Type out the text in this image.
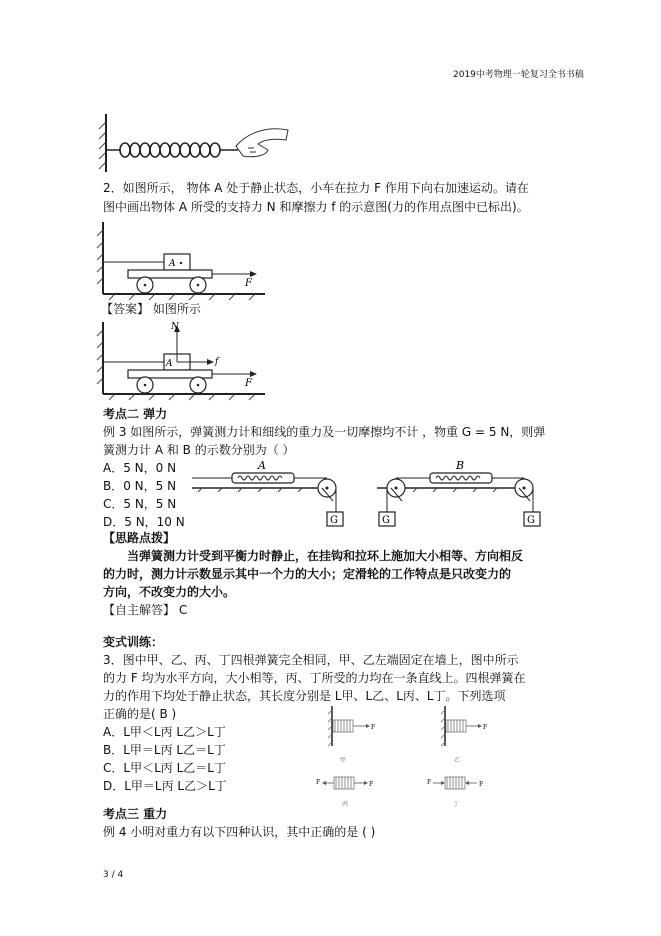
2019中考物理一轮复习全书书稿
2．如图所示， 物体 A 处于静止状态，小车在拉力 F 作用下向右加速运动。请在
图中画出物体 A 所受的支持力 N 和摩擦力 f 的示意图(力的作用点图中已标出)。
A
F
【答案】 如图所示
A
N
f
F
考点二 弹力
例 3 如图所示，弹簧测力计和细线的重力及一切摩擦均不计 ，物重 G = 5 N，则弹
簧测力计 A 和 B 的示数分别为（ ）
A．5 N，0 N
B．0 N，5 N
C．5 N，5 N
D．5 N，10 N
A
G	G
B
G
【思路点拨】
当弹簧测力计受到平衡力时静止，在挂钩和拉环上施加大小相等、方向相反
的力时，测力计示数显示其中一个力的大小；定滑轮的工作特点是只改变力的
方向，不改变力的大小。
【自主解答】 C
变式训练：
3．图中甲、乙、丙、丁四根弹簧完全相同，甲、乙左端固定在墙上，图中所示
的力 F 均为水平方向，大小相等，丙、丁所受的力均在一条直线上。四根弹簧在
力的作用下均处于静止状态，其长度分别是 L甲、L乙、L丙、L丁。下列选项
正确的是( B )
A．L甲＜L丙 L乙＞L丁
B．L甲＝L丙 L乙＝L丁
C．L甲＜L丙 L乙＝L丁
D．L甲＝L丙 L乙＞L丁
F
甲
F
乙
F	F
丙
F	F
丁
考点三 重力
例 4 小明对重力有以下四种认识，其中正确的是 ( )
3 / 4
